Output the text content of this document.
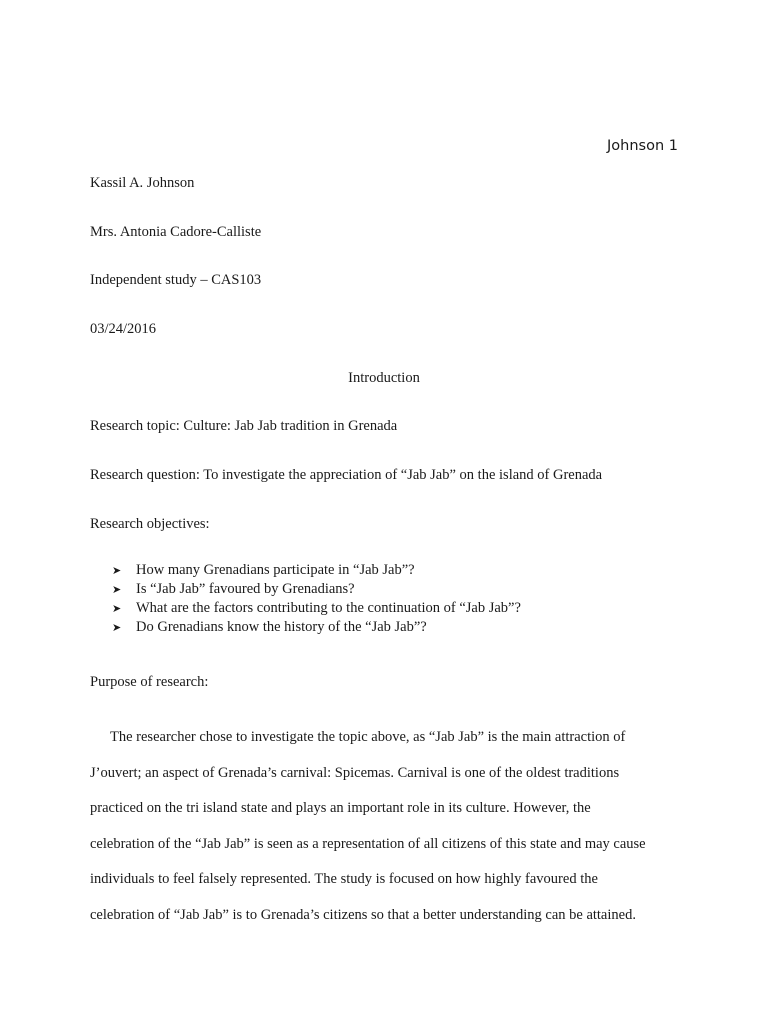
Johnson 1
Kassil A. Johnson
Mrs. Antonia Cadore-Calliste
Independent study – CAS103
03/24/2016
Introduction
Research topic: Culture: Jab Jab tradition in Grenada
Research question: To investigate the appreciation of “Jab Jab” on the island of Grenada
Research objectives:
➤	How many Grenadians participate in “Jab Jab”?
➤	Is “Jab Jab” favoured by Grenadians?
➤	What are the factors contributing to the continuation of “Jab Jab”?
➤	Do Grenadians know the history of the “Jab Jab”?
Purpose of research:
The researcher chose to investigate the topic above, as “Jab Jab” is the main attraction of
J’ouvert; an aspect of Grenada’s carnival: Spicemas. Carnival is one of the oldest traditions
practiced on the tri island state and plays an important role in its culture. However, the
celebration of the “Jab Jab” is seen as a representation of all citizens of this state and may cause
individuals to feel falsely represented. The study is focused on how highly favoured the
celebration of “Jab Jab” is to Grenada’s citizens so that a better understanding can be attained.
